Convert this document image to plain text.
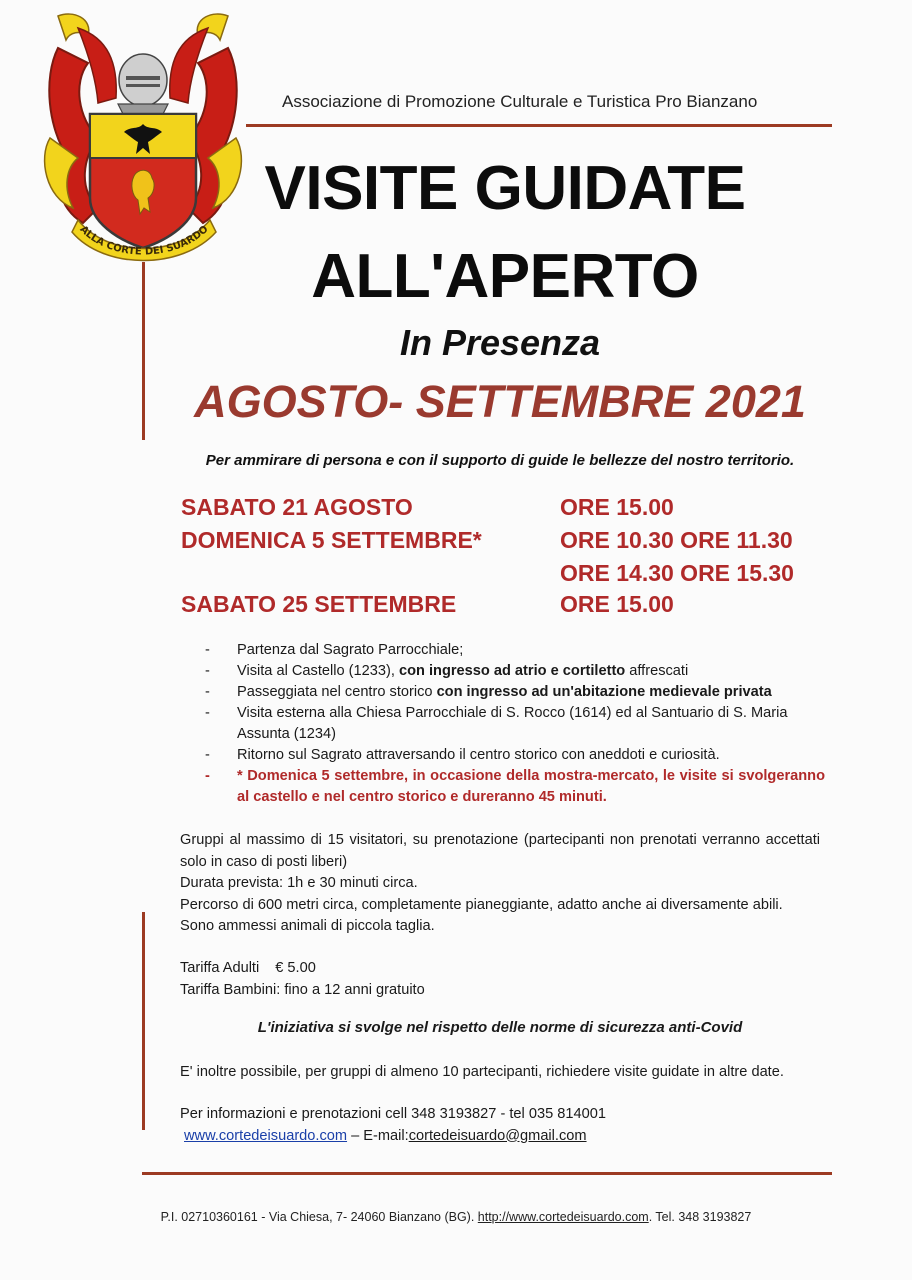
ALLA CORTE DEI SUARDO
Associazione di Promozione Culturale e Turistica Pro Bianzano
VISITE GUIDATE
ALL'APERTO
In Presenza
AGOSTO- SETTEMBRE 2021
Per ammirare di persona e con il supporto di guide le bellezze del nostro territorio.
SABATO 21 AGOSTO	ORE 15.00
DOMENICA 5 SETTEMBRE*	ORE 10.30 ORE 11.30
ORE 14.30 ORE 15.30
SABATO 25 SETTEMBRE	ORE 15.00
- Partenza dal Sagrato Parrocchiale;
- Visita al Castello (1233), con ingresso ad atrio e cortiletto affrescati
- Passeggiata nel centro storico con ingresso ad un'abitazione medievale privata
- Visita esterna alla Chiesa Parrocchiale di S. Rocco (1614) ed al Santuario di S. Maria Assunta (1234)
- Ritorno sul Sagrato attraversando il centro storico con aneddoti e curiosità.
- * Domenica 5 settembre, in occasione della mostra-mercato, le visite si svolgeranno al castello e nel centro storico e dureranno 45 minuti.
Gruppi al massimo di 15 visitatori, su prenotazione (partecipanti non prenotati verranno accettati solo in caso di posti liberi)
Durata prevista: 1h e 30 minuti circa.
Percorso di 600 metri circa, completamente pianeggiante, adatto anche ai diversamente abili.
Sono ammessi animali di piccola taglia.
Tariffa Adulti € 5.00
Tariffa Bambini: fino a 12 anni gratuito
L'iniziativa si svolge nel rispetto delle norme di sicurezza anti-Covid
E' inoltre possibile, per gruppi di almeno 10 partecipanti, richiedere visite guidate in altre date.
Per informazioni e prenotazioni cell 348 3193827 - tel 035 814001
www.cortedeisuardo.com – E-mail:cortedeisuardo@gmail.com
P.I. 02710360161 - Via Chiesa, 7- 24060 Bianzano (BG). http://www.cortedeisuardo.com. Tel. 348 3193827
